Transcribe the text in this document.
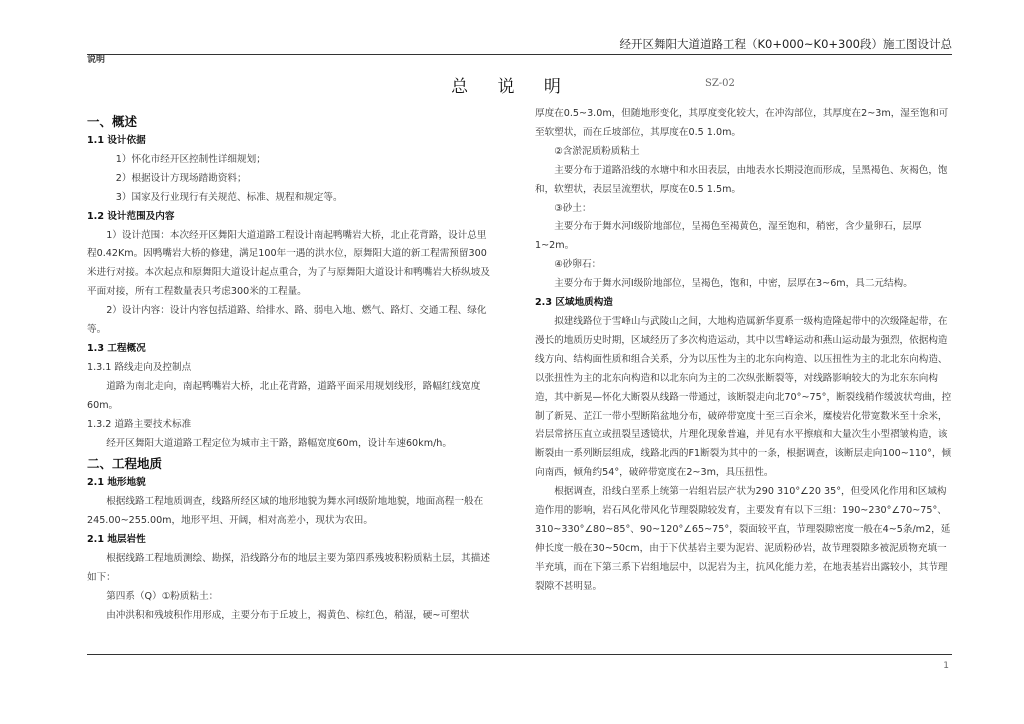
经开区舞阳大道道路工程（K0+000~K0+300段）施工图设计总
说明
总 说 明	SZ-02

一、概述

1.1 设计依据

1）怀化市经开区控制性详细规划；

2）根据设计方现场踏勘资料；

3）国家及行业现行有关规范、标准、规程和规定等。

1.2 设计范围及内容

1）设计范围：本次经开区舞阳大道道路工程设计南起鸭嘴岩大桥，北止花背路，设计总里程0.42Km。因鸭嘴岩大桥的修建，满足100年一遇的洪水位，原舞阳大道的新工程需预留300米进行对接。本次起点和原舞阳大道设计起点重合，为了与原舞阳大道设计和鸭嘴岩大桥纵坡及平面对接，所有工程数量表只考虑300米的工程量。

2）设计内容：设计内容包括道路、给排水、路、弱电入地、燃气、路灯、交通工程、绿化等。

1.3 工程概况

1.3.1 路线走向及控制点

道路为南北走向，南起鸭嘴岩大桥，北止花背路，道路平面采用规划线形，路幅红线宽度60m。

1.3.2 道路主要技术标准

经开区舞阳大道道路工程定位为城市主干路，路幅宽度60m，设计车速60km/h。

二、工程地质

2.1 地形地貌

根据线路工程地质调查，线路所经区域的地形地貌为舞水河Ⅰ级阶地地貌，地面高程一般在245.00~255.00m，地形平坦、开阔，相对高差小，现状为农田。

2.1 地层岩性

根据线路工程地质测绘、勘探，沿线路分布的地层主要为第四系残坡积粉质粘土层，其描述如下：

第四系（Q）①粉质粘土：

由冲洪积和残坡积作用形成，主要分布于丘坡上，褐黄色、棕红色，稍湿，硬~可塑状

厚度在0.5~3.0m，但随地形变化，其厚度变化较大，在冲沟部位，其厚度在2~3m，湿至饱和可至软塑状，而在丘坡部位，其厚度在0.5 1.0m。

②含淤泥质粉质粘土

主要分布于道路沿线的水塘中和水田表层，由地表水长期浸泡而形成，呈黑褐色、灰褐色，饱和，软塑状，表层呈流塑状，厚度在0.5 1.5m。

③砂土：

主要分布于舞水河Ⅰ级阶地部位，呈褐色至褐黄色，湿至饱和，稍密，含少量卵石，层厚1~2m。

④砂卵石：

主要分布于舞水河Ⅰ级阶地部位，呈褐色，饱和，中密，层厚在3~6m，具二元结构。

2.3 区域地质构造

拟建线路位于雪峰山与武陵山之间，大地构造属新华夏系一级构造隆起带中的次级隆起带，在漫长的地质历史时期，区域经历了多次构造运动，其中以雪峰运动和燕山运动最为强烈，依据构造线方向、结构面性质和组合关系，分为以压性为主的北东向构造、以压扭性为主的北北东向构造、以张扭性为主的北东向构造和以北东向为主的二次纵张断裂等，对线路影响较大的为北东东向构造，其中新晃—怀化大断裂从线路一带通过，该断裂走向北70°~75°，断裂线稍作缓波状弯曲，控制了新晃、芷江一带小型断陷盆地分布，破碎带宽度十至三百余米，糜棱岩化带宽数米至十余米，岩层常挤压直立或扭裂呈透镜状，片理化现象普遍，并见有水平擦痕和大量次生小型褶皱构造，该断裂由一系列断层组成，线路北西的F1断裂为其中的一条，根据调查，该断层走向100~110°，倾向南西，倾角约54°，破碎带宽度在2~3m，具压扭性。

根据调查，沿线白垩系上统第一岩组岩层产状为290 310°∠20 35°，但受风化作用和区域构造作用的影响，岩石风化带风化节理裂隙较发育，主要发育有以下三组：190~230°∠70~75°、310~330°∠80~85°、90~120°∠65~75°，裂面较平直，节理裂隙密度一般在4~5条/m2，延伸长度一般在30~50cm，由于下伏基岩主要为泥岩、泥质粉砂岩，故节理裂隙多被泥质物充填一半充填，而在下第三系下岩组地层中，以泥岩为主，抗风化能力差，在地表基岩出露较小，其节理裂隙不甚明显。

1
